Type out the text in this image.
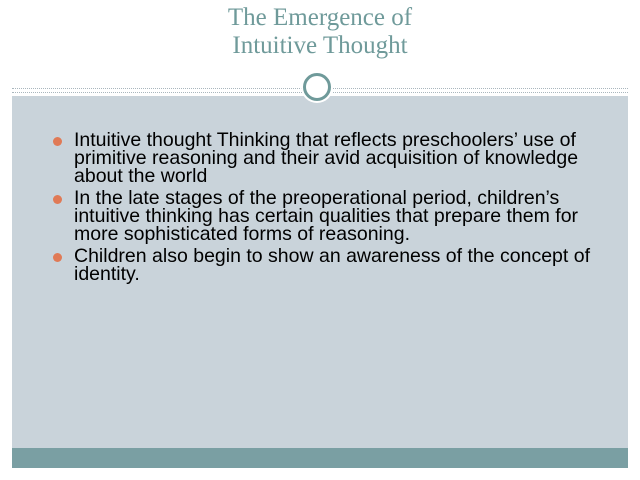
The Emergence of
Intuitive Thought
Intuitive thought Thinking that reflects preschoolers’ use of primitive reasoning and their avid acquisition of knowledge about the world
In the late stages of the preoperational period, children’s intuitive thinking has certain qualities that prepare them for more sophisticated forms of reasoning.
Children also begin to show an awareness of the concept of identity.
